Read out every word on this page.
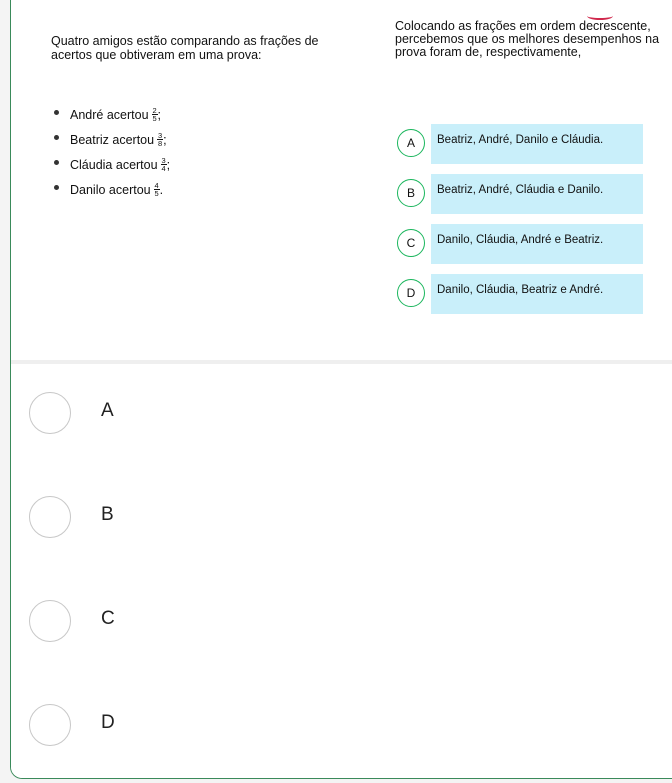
Quatro amigos estão comparando as frações de acertos que obtiveram em uma prova:
André acertou $\frac{2}{5}$ ;
Beatriz acertou $\frac{3}{8}$ ;
Cláudia acertou $\frac{3}{4}$ ;
Danilo acertou $\frac{4}{5}$ .
Colocando as frações em ordem decrescente, percebemos que os melhores desempenhos na prova foram de, respectivamente,
A	Beatriz, André, Danilo e Cláudia.
B	Beatriz, André, Cláudia e Danilo.
C	Danilo, Cláudia, André e Beatriz.
D	Danilo, Cláudia, Beatriz e André.
A
B
C
D
